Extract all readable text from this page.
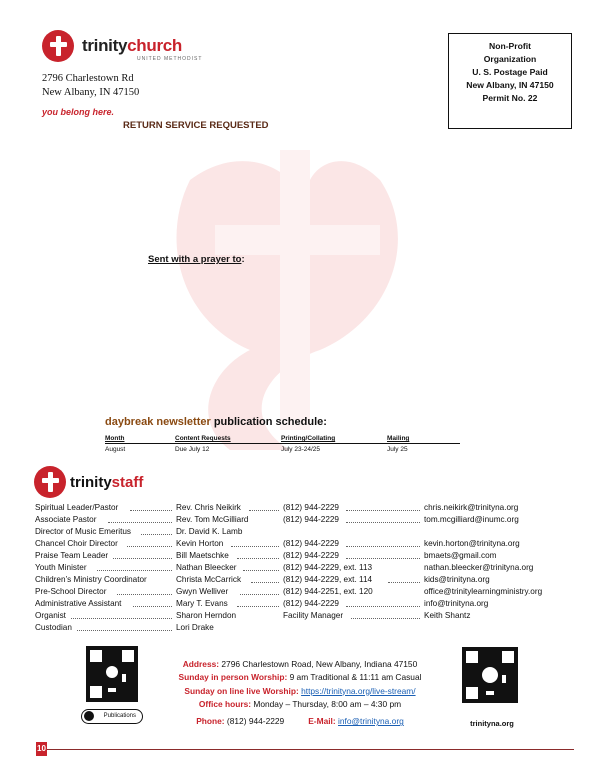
trinitychurch
UNITED METHODIST
2796 Charlestown Rd
New Albany, IN 47150
you belong here.
RETURN SERVICE REQUESTED
Non-Profit
Organization
U. S. Postage Paid
New Albany, IN 47150
Permit No. 22
Sent with a prayer to:
daybreak newsletter publication schedule:
Month	Content Requests	Printing/Collating	Mailing
August	Due July 12	July 23-24/25	July 25
trinitystaff
Spiritual Leader/Pastor	Rev. Chris Neikirk	(812) 944-2229	chris.neikirk@trinityna.org
Associate Pastor	Rev. Tom McGilliard	(812) 944-2229	tom.mcgilliard@inumc.org
Director of Music Emeritus	Dr. David K. Lamb
Chancel Choir Director	Kevin Horton	(812) 944-2229	kevin.horton@trinityna.org
Praise Team Leader	Bill Maetschke	(812) 944-2229	bmaets@gmail.com
Youth Minister	Nathan Bleecker	(812) 944-2229, ext. 113	nathan.bleecker@trinityna.org
Children’s Ministry Coordinator	Christa McCarrick	(812) 944-2229, ext. 114	kids@trinityna.org
Pre-School Director	Gwyn Welliver	(812) 944-2251, ext. 120	office@trinitylearningministry.org
Administrative Assistant	Mary T. Evans	(812) 944-2229	info@trinityna.org
Organist	Sharon Herndon	Facility Manager	Keith Shantz
Custodian	Lori Drake
Publications
Address: 2796 Charlestown Road, New Albany, Indiana 47150
Sunday in person Worship: 9 am Traditional & 11:11 am Casual
Sunday on line live Worship: https://trinityna.org/live-stream/
Office hours: Monday – Thursday, 8:00 am – 4:30 pm
Phone: (812) 944-2229	E-Mail: info@trinityna.org	trinityna.org
10
